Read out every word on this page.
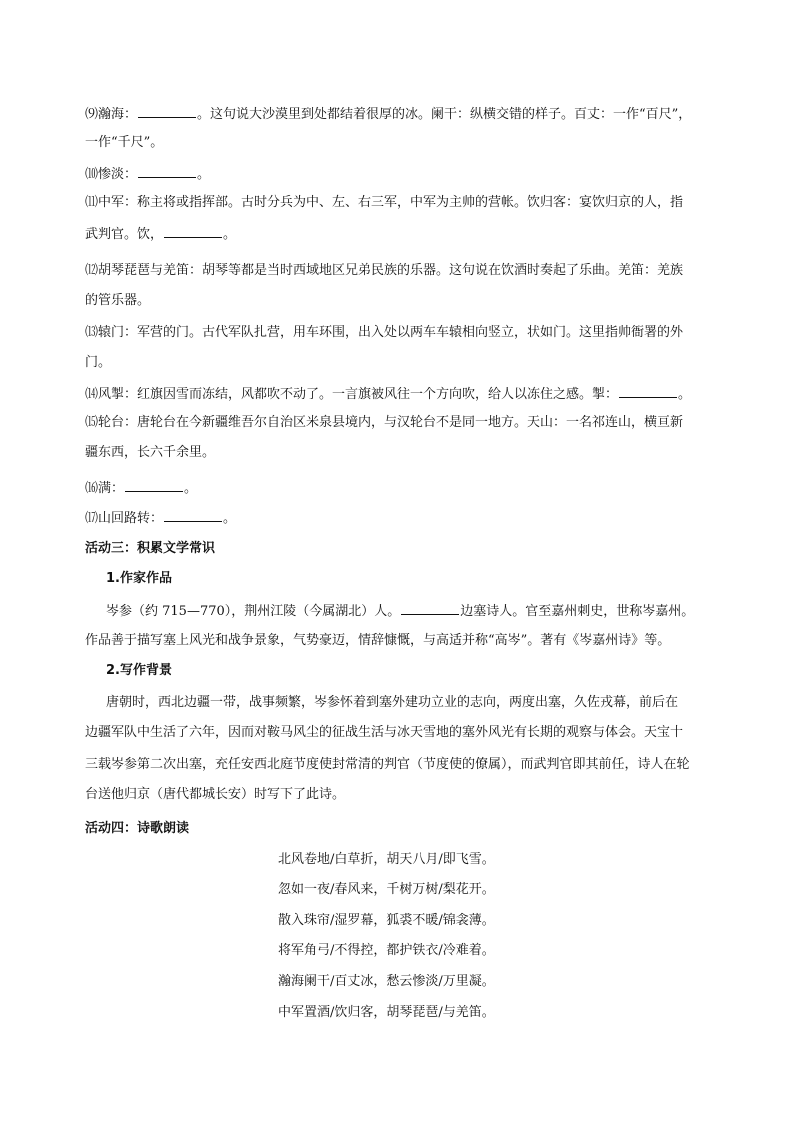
⑼瀚海：	。这句说大沙漠里到处都结着很厚的冰。阑干：纵横交错的样子。百丈：一作“百尺”，
一作“千尺”。
⑽惨淡：	。
⑾中军：称主将或指挥部。古时分兵为中、左、右三军，中军为主帅的营帐。饮归客：宴饮归京的人，指
武判官。饮，	。
⑿胡琴琵琶与羌笛：胡琴等都是当时西域地区兄弟民族的乐器。这句说在饮酒时奏起了乐曲。羌笛：羌族
的管乐器。
⒀辕门：军营的门。古代军队扎营，用车环围，出入处以两车车辕相向竖立，状如门。这里指帅衙署的外
门。
⒁风掣：红旗因雪而冻结，风都吹不动了。一言旗被风往一个方向吹，给人以冻住之感。掣：	。
⒂轮台：唐轮台在今新疆维吾尔自治区米泉县境内，与汉轮台不是同一地方。天山：一名祁连山，横亘新
疆东西，长六千余里。
⒃满：	。
⒄山回路转：	。
活动三：积累文学常识
1.作家作品
岑参（约 715—770），荆州江陵（今属湖北）人。	边塞诗人。官至嘉州刺史，世称岑嘉州。
作品善于描写塞上风光和战争景象，气势豪迈，情辞慷慨，与高适并称“高岑”。著有《岑嘉州诗》等。
2.写作背景
唐朝时，西北边疆一带，战事频繁，岑参怀着到塞外建功立业的志向，两度出塞，久佐戎幕，前后在
边疆军队中生活了六年，因而对鞍马风尘的征战生活与冰天雪地的塞外风光有长期的观察与体会。天宝十
三载岑参第二次出塞，充任安西北庭节度使封常清的判官（节度使的僚属），而武判官即其前任，诗人在轮
台送他归京（唐代都城长安）时写下了此诗。
活动四：诗歌朗读
北风卷地/白草折，胡天八月/即飞雪。
忽如一夜/春风来，千树万树/梨花开。
散入珠帘/湿罗幕，狐裘不暖/锦衾薄。
将军角弓/不得控，都护铁衣/冷难着。
瀚海阑干/百丈冰，愁云惨淡/万里凝。
中军置酒/饮归客，胡琴琵琶/与羌笛。
